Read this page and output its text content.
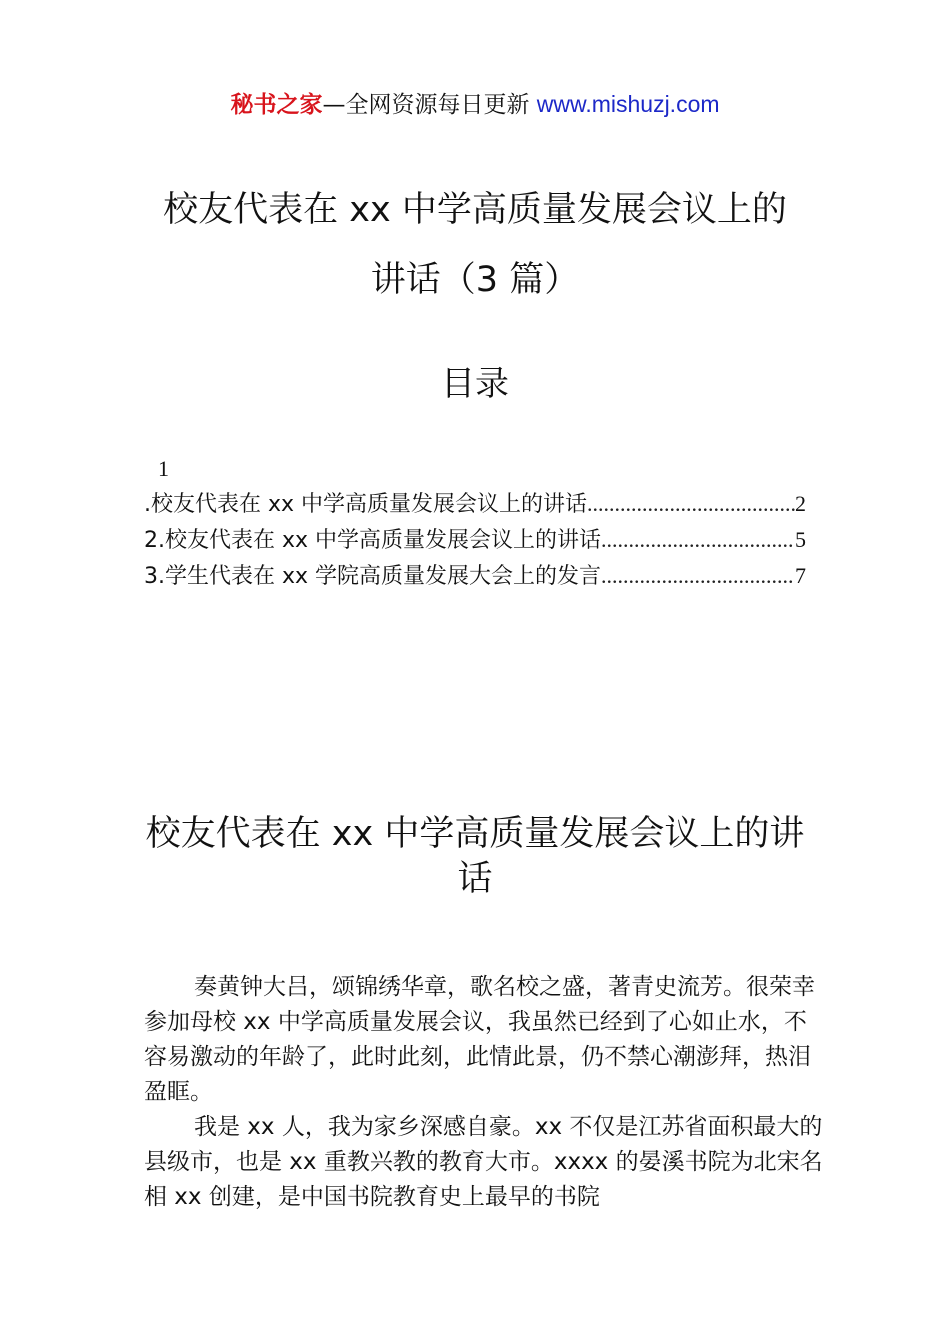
秘书之家—全网资源每日更新 www.mishuzj.com
校友代表在 xx 中学高质量发展会议上的
讲话（3 篇）
目录
1
.校友代表在 xx 中学高质量发展会议上的讲话 .....	2
2.校友代表在 xx 中学高质量发展会议上的讲话 .....	5
3.学生代表在 xx 学院高质量发展大会上的发言 .....	7
校友代表在 xx 中学高质量发展会议上的讲
话

奏黄钟大吕，颂锦绣华章，歌名校之盛，著青史流芳。很荣幸参加母校 xx 中学高质量发展会议，我虽然已经到了心如止水，不容易激动的年龄了，此时此刻，此情此景，仍不禁心潮澎拜，热泪盈眶。

我是 xx 人，我为家乡深感自豪。xx 不仅是江苏省面积最大的县级市，也是 xx 重教兴教的教育大市。xxxx 的晏溪书院为北宋名相 xx 创建，是中国书院教育史上最早的书院
